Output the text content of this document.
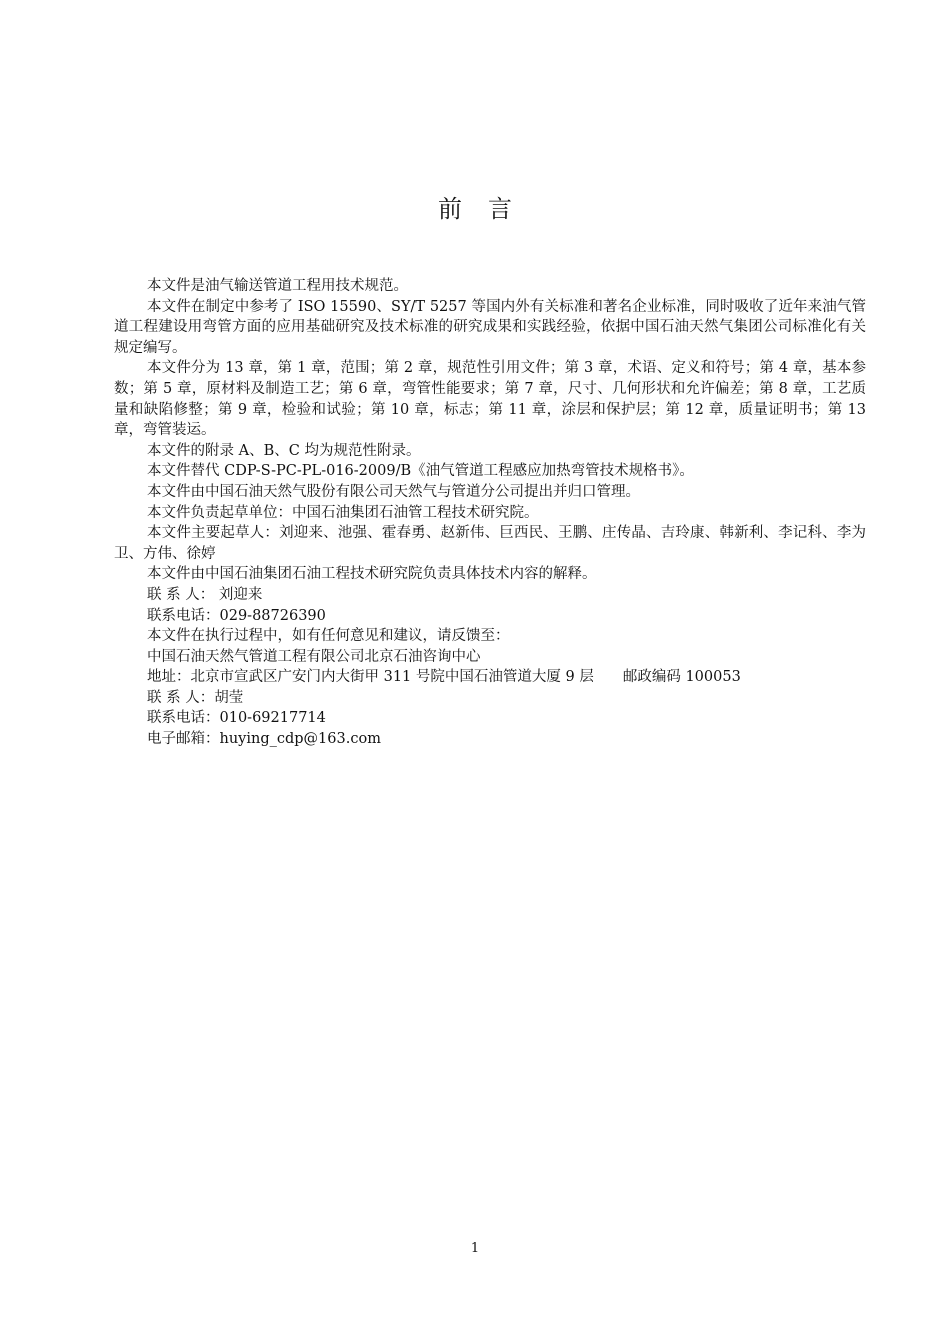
前言

本文件是油气输送管道工程用技术规范。

本文件在制定中参考了 ISO 15590、SY/T 5257 等国内外有关标准和著名企业标准，同时吸收了近年来油气管道工程建设用弯管方面的应用基础研究及技术标准的研究成果和实践经验，依据中国石油天然气集团公司标准化有关规定编写。

本文件分为 13 章，第 1 章，范围；第 2 章，规范性引用文件；第 3 章，术语、定义和符号；第 4 章，基本参数；第 5 章，原材料及制造工艺；第 6 章，弯管性能要求；第 7 章，尺寸、几何形状和允许偏差；第 8 章，工艺质量和缺陷修整；第 9 章，检验和试验；第 10 章，标志；第 11 章，涂层和保护层；第 12 章，质量证明书；第 13 章，弯管装运。

本文件的附录 A、B、C 均为规范性附录。

本文件替代 CDP-S-PC-PL-016-2009/B《油气管道工程感应加热弯管技术规格书》。

本文件由中国石油天然气股份有限公司天然气与管道分公司提出并归口管理。

本文件负责起草单位：中国石油集团石油管工程技术研究院。

本文件主要起草人：刘迎来、池强、霍春勇、赵新伟、巨西民、王鹏、庄传晶、吉玲康、韩新利、李记科、李为卫、方伟、徐婷

本文件由中国石油集团石油工程技术研究院负责具体技术内容的解释。

联 系 人： 刘迎来

联系电话：029-88726390

本文件在执行过程中，如有任何意见和建议，请反馈至：

中国石油天然气管道工程有限公司北京石油咨询中心

地址：北京市宣武区广安门内大街甲 311 号院中国石油管道大厦 9 层　　邮政编码 100053

联 系 人：胡莹

联系电话：010-69217714

电子邮箱：huying_cdp@163.com

1
